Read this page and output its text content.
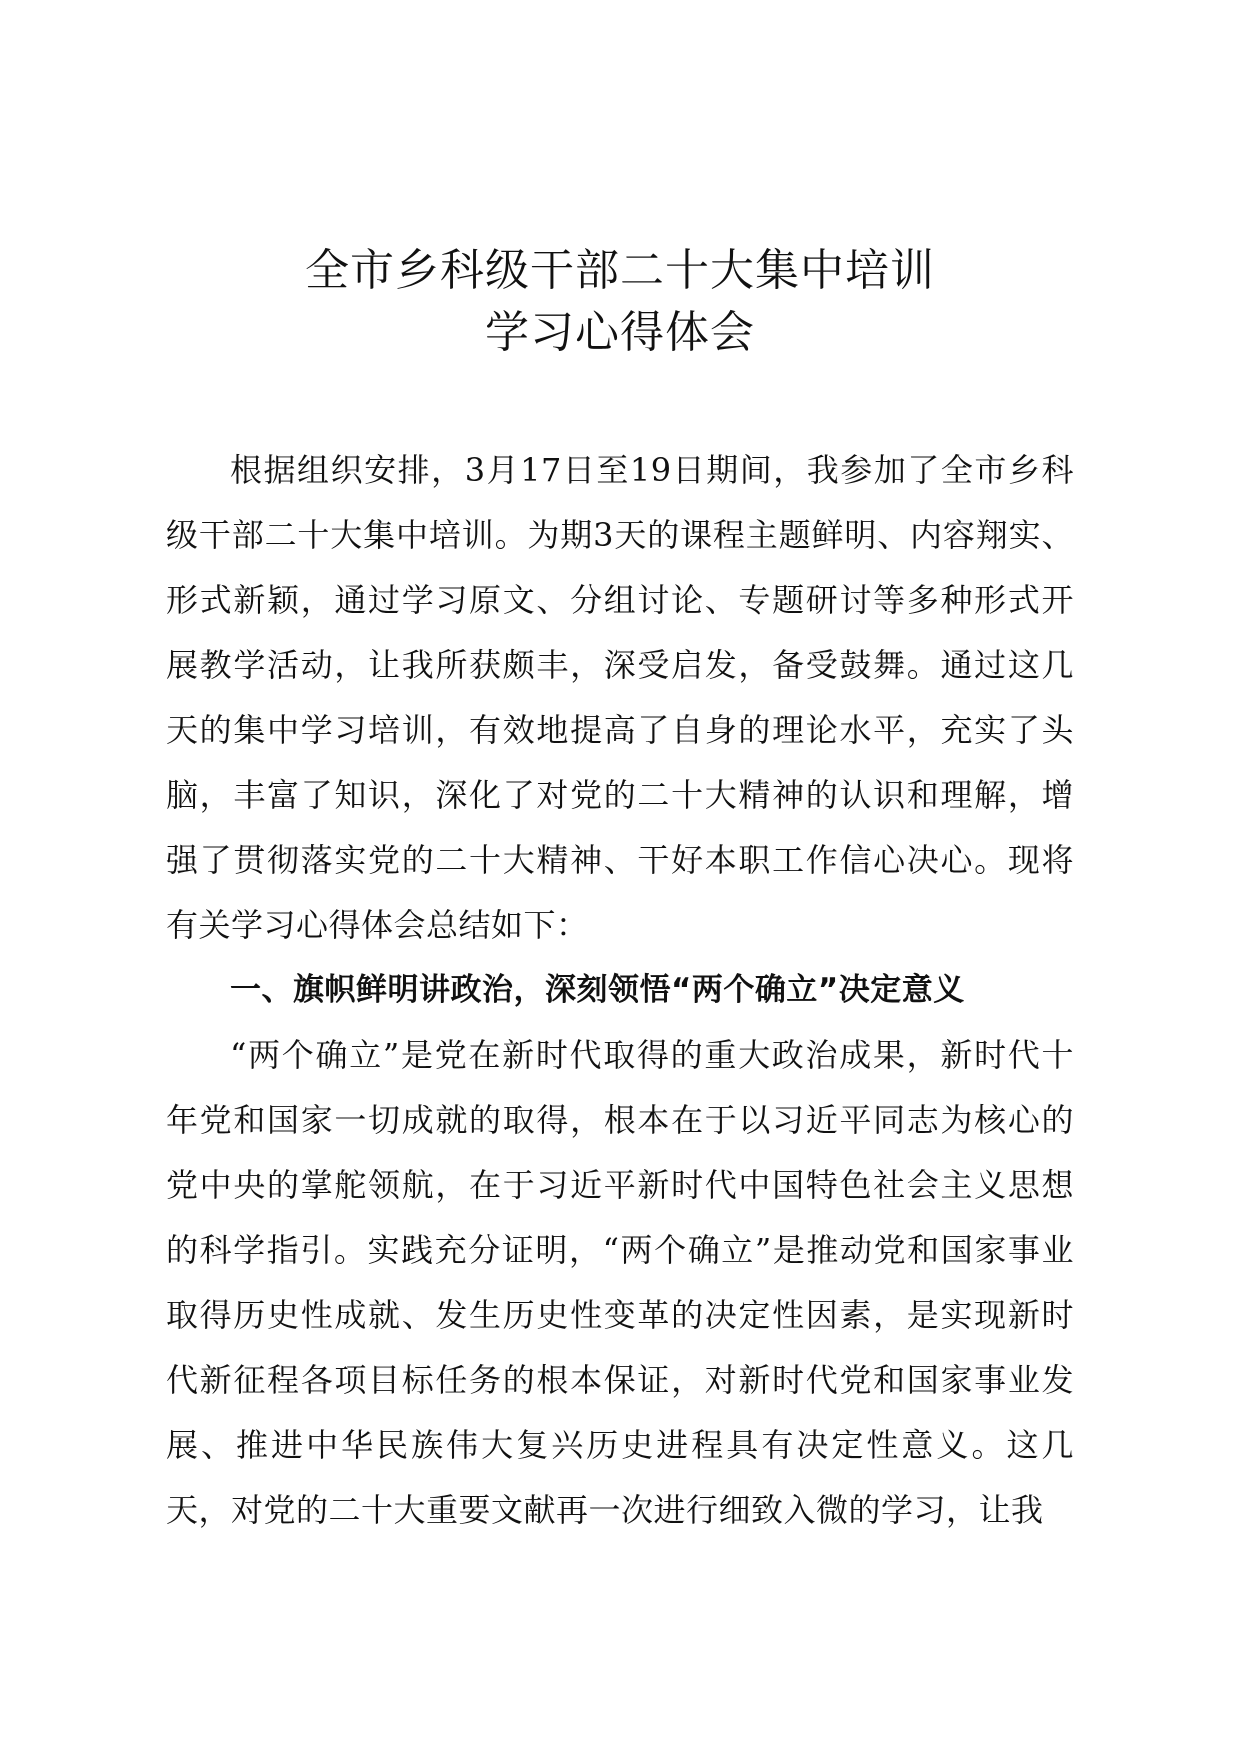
全市乡科级干部二十大集中培训
学习心得体会

根据组织安排，3月17日至19日期间，我参加了全市乡科级干部二十大集中培训。为期3天的课程主题鲜明、内容翔实、形式新颖，通过学习原文、分组讨论、专题研讨等多种形式开展教学活动，让我所获颇丰，深受启发，备受鼓舞。通过这几天的集中学习培训，有效地提高了自身的理论水平，充实了头脑，丰富了知识，深化了对党的二十大精神的认识和理解，增强了贯彻落实党的二十大精神、干好本职工作信心决心。现将有关学习心得体会总结如下：

一、旗帜鲜明讲政治，深刻领悟“两个确立”决定意义

“两个确立”是党在新时代取得的重大政治成果，新时代十年党和国家一切成就的取得，根本在于以习近平同志为核心的党中央的掌舵领航，在于习近平新时代中国特色社会主义思想的科学指引。实践充分证明，“两个确立”是推动党和国家事业取得历史性成就、发生历史性变革的决定性因素，是实现新时代新征程各项目标任务的根本保证，对新时代党和国家事业发展、推进中华民族伟大复兴历史进程具有决定性意义。这几天，对党的二十大重要文献再一次进行细致入微的学习，让我
